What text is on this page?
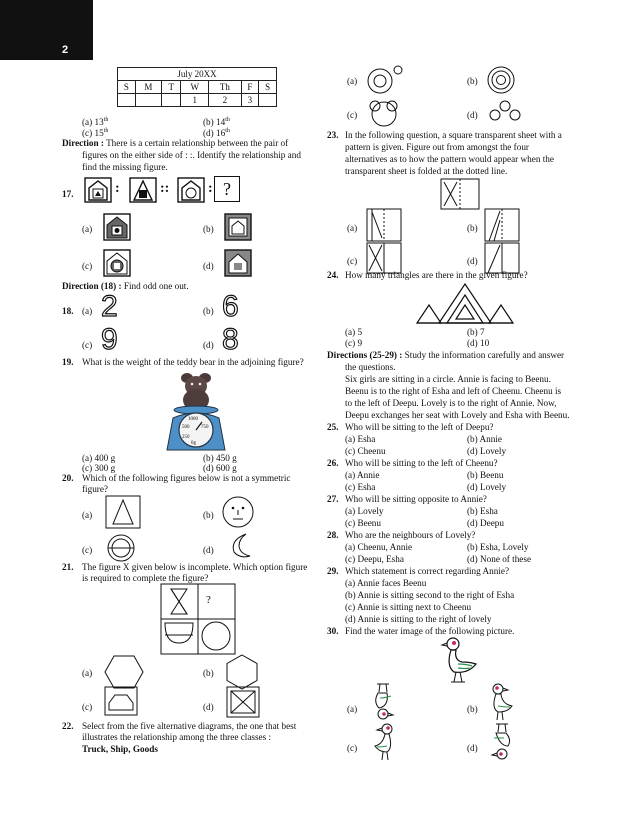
2
July 20XX						
S	M	T	W	Th	F	S
			1	2	3	
(a) 13th	(b) 14th
(c) 15th	(d) 16th
Direction : There is a certain relationship between the pair of
figures on the either side of : :. Identify the relationship and
find the missing figure.
17.	:	::	: ?
(a)	(b)
(c)	(d)
Direction (18) : Find odd one out.
18. (a) 2	(b) 6
(c) 9	(d) 8
19. What is the weight of the teddy bear in the adjoining figure?
1000
500 750
250
0g
(a) 400 g	(b) 450 g
(c) 300 g	(d) 600 g
20. Which of the following figures below is not a symmetric
figure?
(a)	(b)
(c)	(d)
21. The figure X given below is incomplete. Which option figure
is required to complete the figure?
?
(a)	(b)
(c)	(d)
22. Select from the five alternative diagrams, the one that best
illustrates the relationship among the three classes :
Truck, Ship, Goods
(a)	(b)
(c)	(d)
23. In the following question, a square transparent sheet with a
pattern is given. Figure out from amongst the four
alternatives as to how the pattern would appear when the
transparent sheet is folded at the dotted line.
(a)	(b)
(c)	(d)
24. How many triangles are there in the given figure?
(a) 5	(b) 7
(c) 9	(d) 10
Directions (25-29) : Study the information carefully and answer
the questions.
Six girls are sitting in a circle. Annie is facing to Beenu.
Beenu is to the right of Esha and left of Cheenu. Cheenu is
to the left of Deepu. Lovely is to the right of Annie. Now,
Deepu exchanges her seat with Lovely and Esha with Beenu.
25. Who will be sitting to the left of Deepu?
(a) Esha	(b) Annie
(c) Cheenu	(d) Lovely
26. Who will be sitting to the left of Cheenu?
(a) Annie	(b) Beenu
(c) Esha	(d) Lovely
27. Who will be sitting opposite to Annie?
(a) Lovely	(b) Esha
(c) Beenu	(d) Deepu
28. Who are the neighbours of Lovely?
(a) Cheenu, Annie	(b) Esha, Lovely
(c) Deepu, Esha	(d) None of these
29. Which statement is correct regarding Annie?
(a) Annie faces Beenu
(b) Annie is sitting second to the right of Esha
(c) Annie is sitting next to Cheenu
(d) Annie is sitting to the right of lovely
30. Find the water image of the following picture.
(a)	(b)
(c)	(d)
